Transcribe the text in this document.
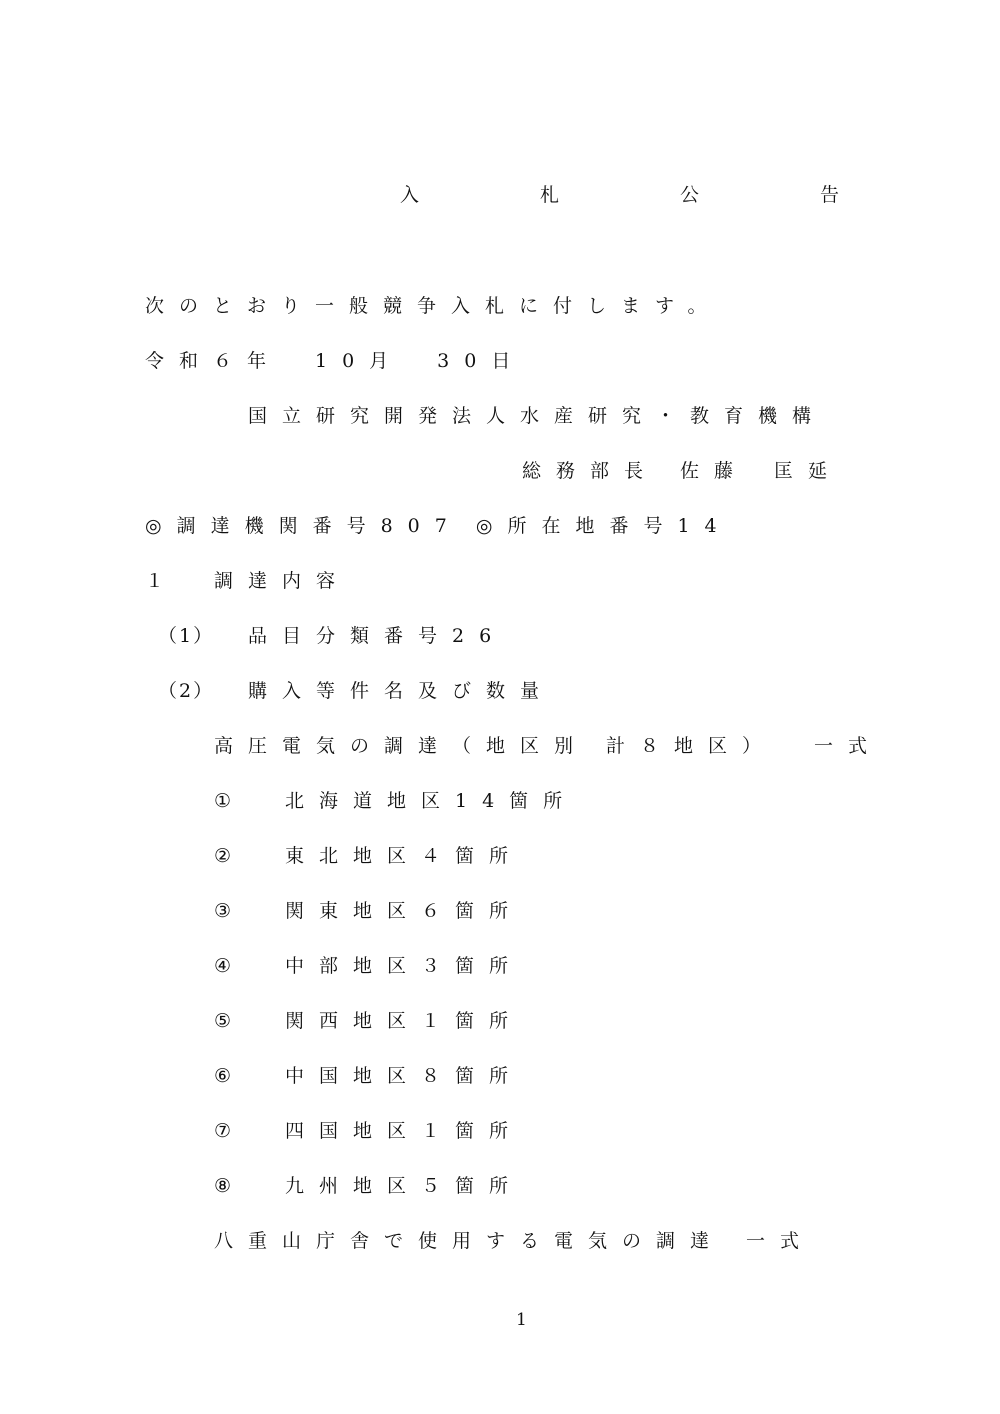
入　札　公　告
次のとおり一般競争入札に付します。
令和６年　10月　30日
国立研究開発法人水産研究・教育機構
総務部長 佐藤 匡延
◎調達機関番号807 ◎所在地番号14
１ 調達内容
（1） 品目分類番号26
（2） 購入等件名及び数量
高圧電気の調達（地区別 計８地区） 一式
① 北海道地区14箇所
② 東北地区４箇所
③ 関東地区６箇所
④ 中部地区３箇所
⑤ 関西地区１箇所
⑥ 中国地区８箇所
⑦ 四国地区１箇所
⑧ 九州地区５箇所
八重山庁舎で使用する電気の調達 一式
1
